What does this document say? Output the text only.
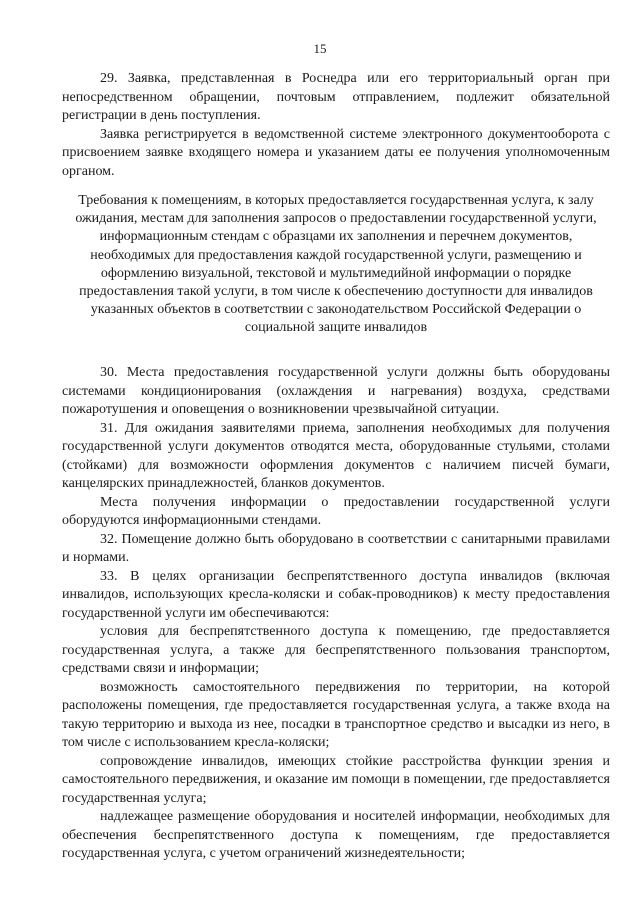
15

29. Заявка, представленная в Роснедра или его территориальный орган при непосредственном обращении, почтовым отправлением, подлежит обязательной регистрации в день поступления.

Заявка регистрируется в ведомственной системе электронного документооборота с присвоением заявке входящего номера и указанием даты ее получения уполномоченным органом.

Требования к помещениям, в которых предоставляется государственная услуга, к залу ожидания, местам для заполнения запросов о предоставлении государственной услуги, информационным стендам с образцами их заполнения и перечнем документов, необходимых для предоставления каждой государственной услуги, размещению и оформлению визуальной, текстовой и мультимедийной информации о порядке предоставления такой услуги, в том числе к обеспечению доступности для инвалидов указанных объектов в соответствии с законодательством Российской Федерации о социальной защите инвалидов

30. Места предоставления государственной услуги должны быть оборудованы системами кондиционирования (охлаждения и нагревания) воздуха, средствами пожаротушения и оповещения о возникновении чрезвычайной ситуации.

31. Для ожидания заявителями приема, заполнения необходимых для получения государственной услуги документов отводятся места, оборудованные стульями, столами (стойками) для возможности оформления документов с наличием писчей бумаги, канцелярских принадлежностей, бланков документов.

Места получения информации о предоставлении государственной услуги оборудуются информационными стендами.

32. Помещение должно быть оборудовано в соответствии с санитарными правилами и нормами.

33. В целях организации беспрепятственного доступа инвалидов (включая инвалидов, использующих кресла-коляски и собак-проводников) к месту предоставления государственной услуги им обеспечиваются:

условия для беспрепятственного доступа к помещению, где предоставляется государственная услуга, а также для беспрепятственного пользования транспортом, средствами связи и информации;

возможность самостоятельного передвижения по территории, на которой расположены помещения, где предоставляется государственная услуга, а также входа на такую территорию и выхода из нее, посадки в транспортное средство и высадки из него, в том числе с использованием кресла-коляски;

сопровождение инвалидов, имеющих стойкие расстройства функции зрения и самостоятельного передвижения, и оказание им помощи в помещении, где предоставляется государственная услуга;

надлежащее размещение оборудования и носителей информации, необходимых для обеспечения беспрепятственного доступа к помещениям, где предоставляется государственная услуга, с учетом ограничений жизнедеятельности;
